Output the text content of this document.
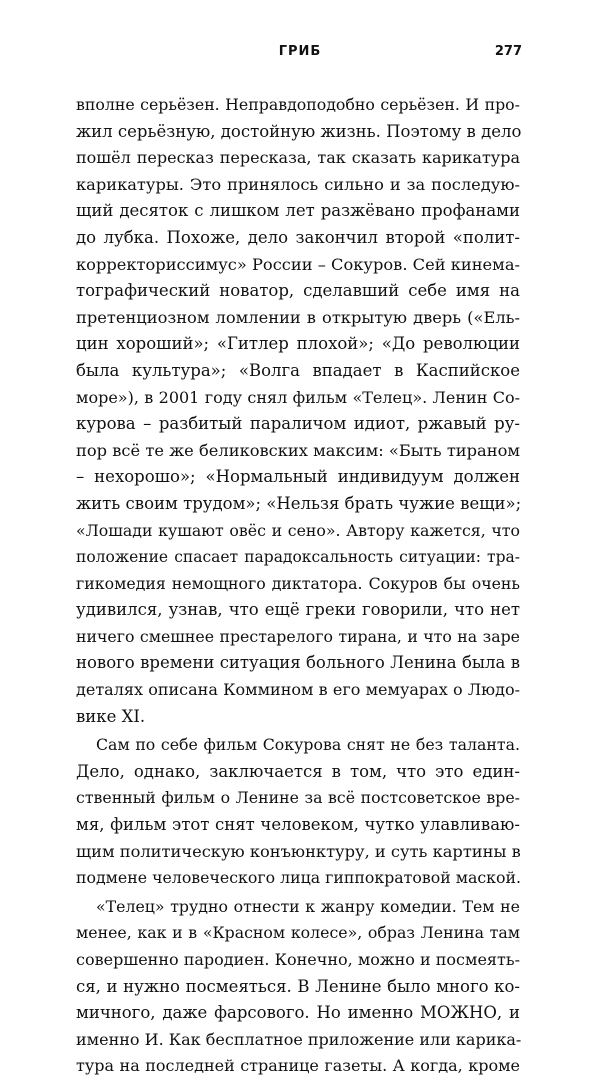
ГРИБ	277
вполне серьёзен. Неправдоподобно серьёзен. И про-
жил серьёзную, достойную жизнь. Поэтому в дело
пошёл пересказ пересказа, так сказать карикатура
карикатуры. Это принялось сильно и за последую-
щий десяток с лишком лет разжёвано профанами
до лубка. Похоже, дело закончил второй «полит-
корректориссимус» России – Сокуров. Сей кинема-
тографический новатор, сделавший себе имя на
претенциозном ломлении в открытую дверь («Ель-
цин хороший»; «Гитлер плохой»; «До революции
была культура»; «Волга впадает в Каспийское
море»), в 2001 году снял фильм «Телец». Ленин Со-
курова – разбитый параличом идиот, ржавый ру-
пор всё те же беликовских максим: «Быть тираном
– нехорошо»; «Нормальный индивидуум должен
жить своим трудом»; «Нельзя брать чужие вещи»;
«Лошади кушают овёс и сено». Автору кажется, что
положение спасает парадоксальность ситуации: тра-
гикомедия немощного диктатора. Сокуров бы очень
удивился, узнав, что ещё греки говорили, что нет
ничего смешнее престарелого тирана, и что на заре
нового времени ситуация больного Ленина была в
деталях описана Коммином в его мемуарах о Людо-
вике XI.
Сам по себе фильм Сокурова снят не без таланта.
Дело, однако, заключается в том, что это един-
ственный фильм о Ленине за всё постсоветское вре-
мя, фильм этот снят человеком, чутко улавливаю-
щим политическую конъюнктуру, и суть картины в
подмене человеческого лица гиппократовой маской.
«Телец» трудно отнести к жанру комедии. Тем не
менее, как и в «Красном колесе», образ Ленина там
совершенно пародиен. Конечно, можно и посмеять-
ся, и нужно посмеяться. В Ленине было много ко-
мичного, даже фарсового. Но именно МОЖНО, и
именно И. Как бесплатное приложение или карика-
тура на последней странице газеты. А когда, кроме
